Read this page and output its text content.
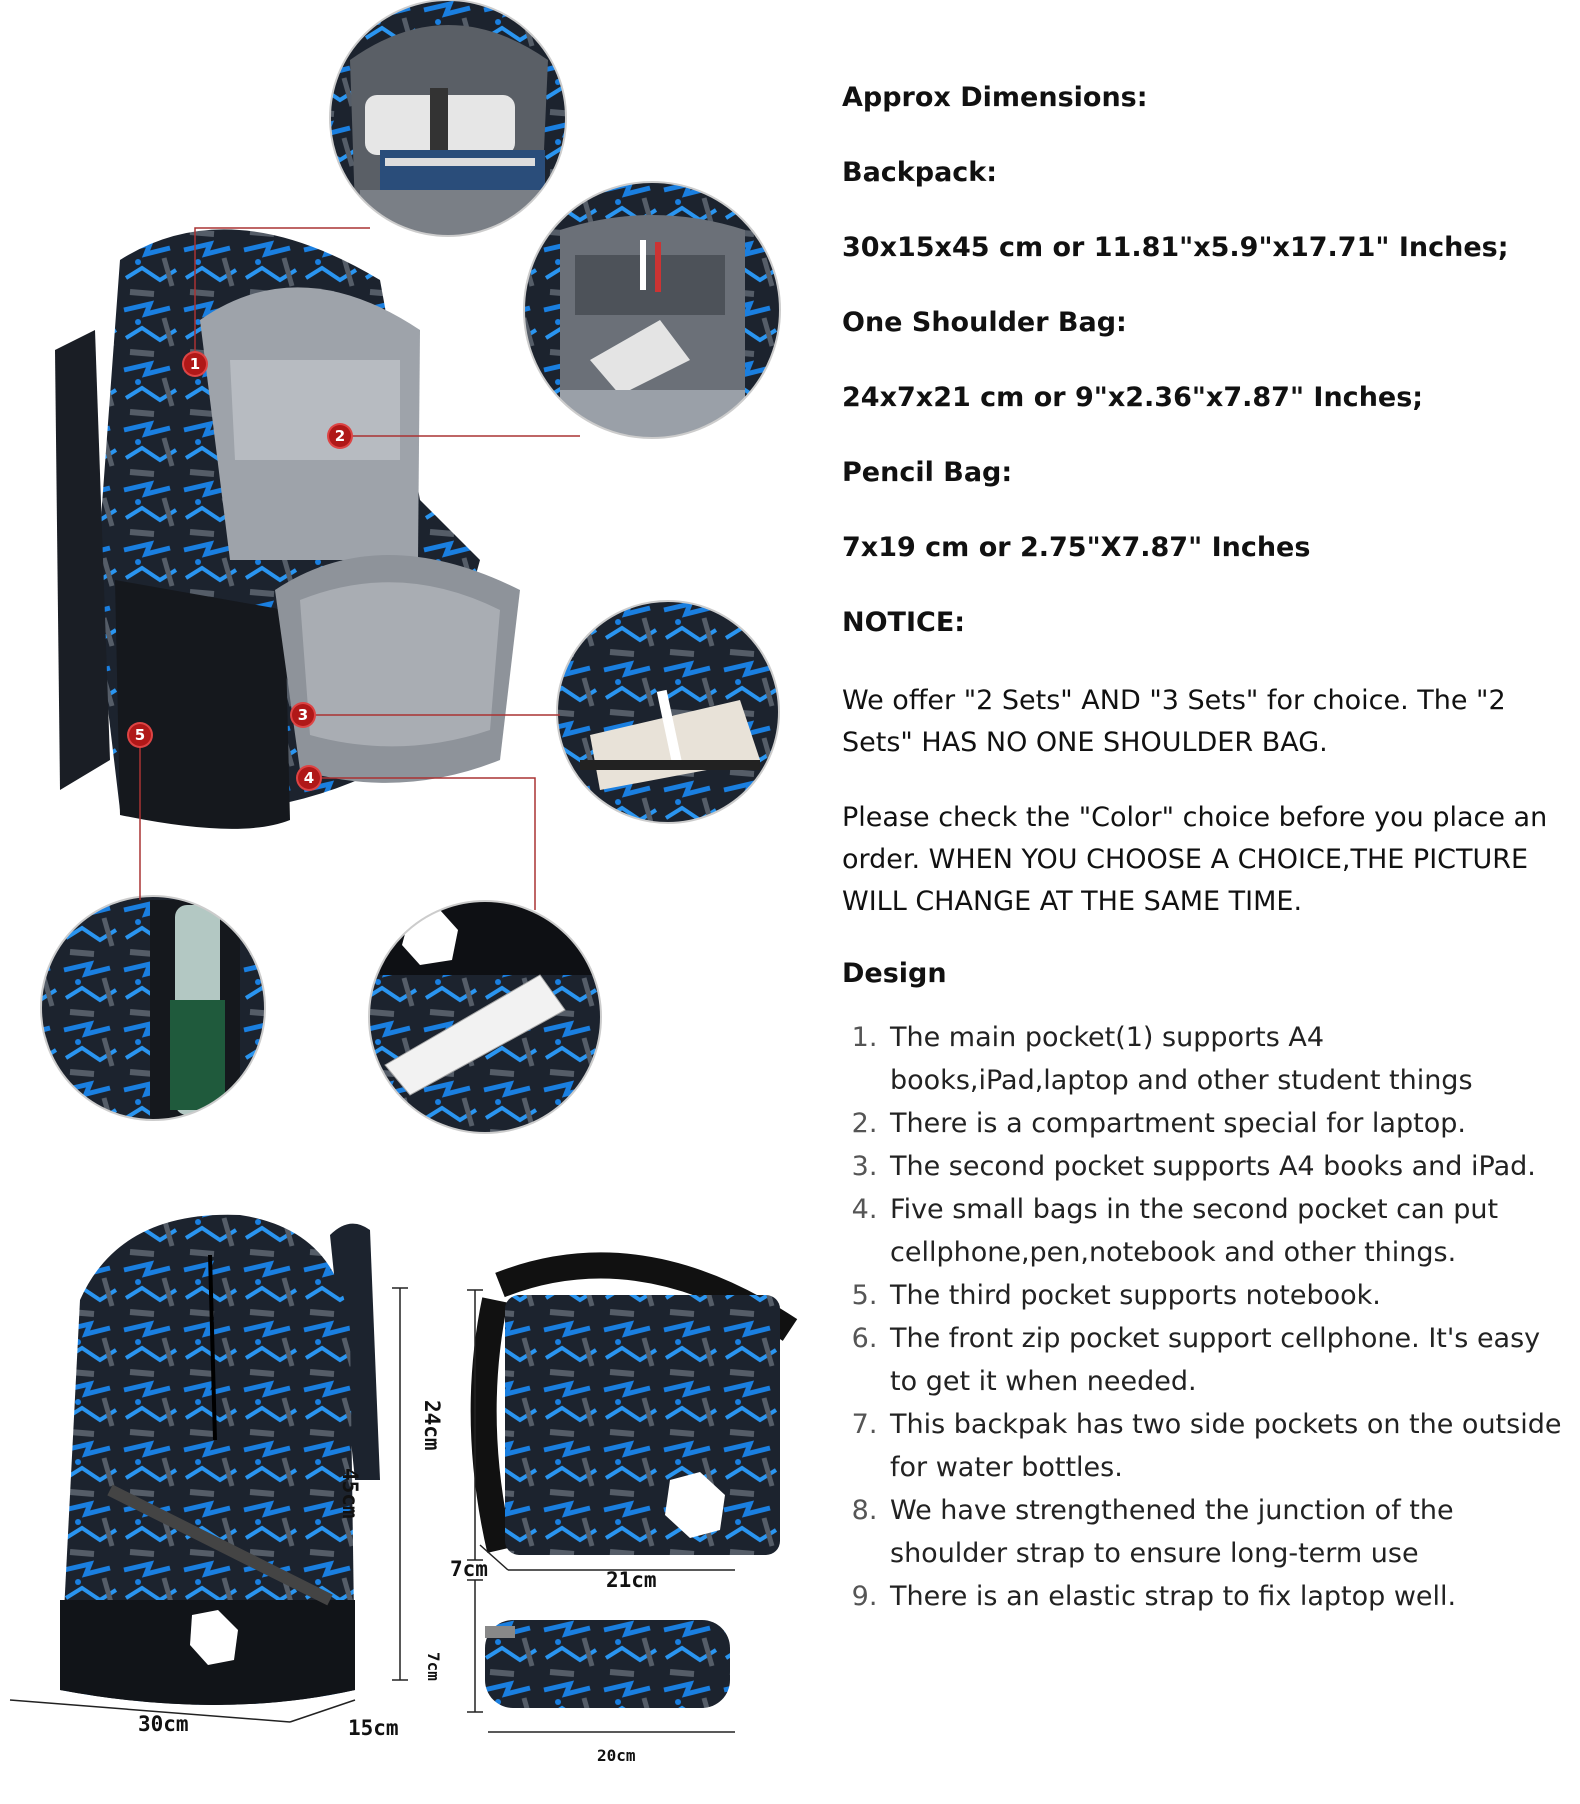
1
2
3
4
5
30cm	15cm
45cm
24cm
7cm	21cm
7cm
20cm
Approx Dimensions:
Backpack:
30x15x45 cm or 11.81"x5.9"x17.71" Inches;
One Shoulder Bag:
24x7x21 cm or 9"x2.36"x7.87" Inches;
Pencil Bag:
7x19 cm or 2.75"X7.87" Inches
NOTICE:
We offer "2 Sets" AND "3 Sets" for choice. The "2 Sets" HAS NO ONE SHOULDER BAG.
Please check the "Color" choice before you place an order. WHEN YOU CHOOSE A CHOICE,THE PICTURE WILL CHANGE AT THE SAME TIME.
Design
1. The main pocket(1) supports A4 books,iPad,laptop and other student things
2. There is a compartment special for laptop.
3. The second pocket supports A4 books and iPad.
4. Five small bags in the second pocket can put cellphone,pen,notebook and other things.
5. The third pocket supports notebook.
6. The front zip pocket support cellphone. It's easy to get it when needed.
7. This backpak has two side pockets on the outside for water bottles.
8. We have strengthened the junction of the shoulder strap to ensure long-term use
9. There is an elastic strap to fix laptop well.
